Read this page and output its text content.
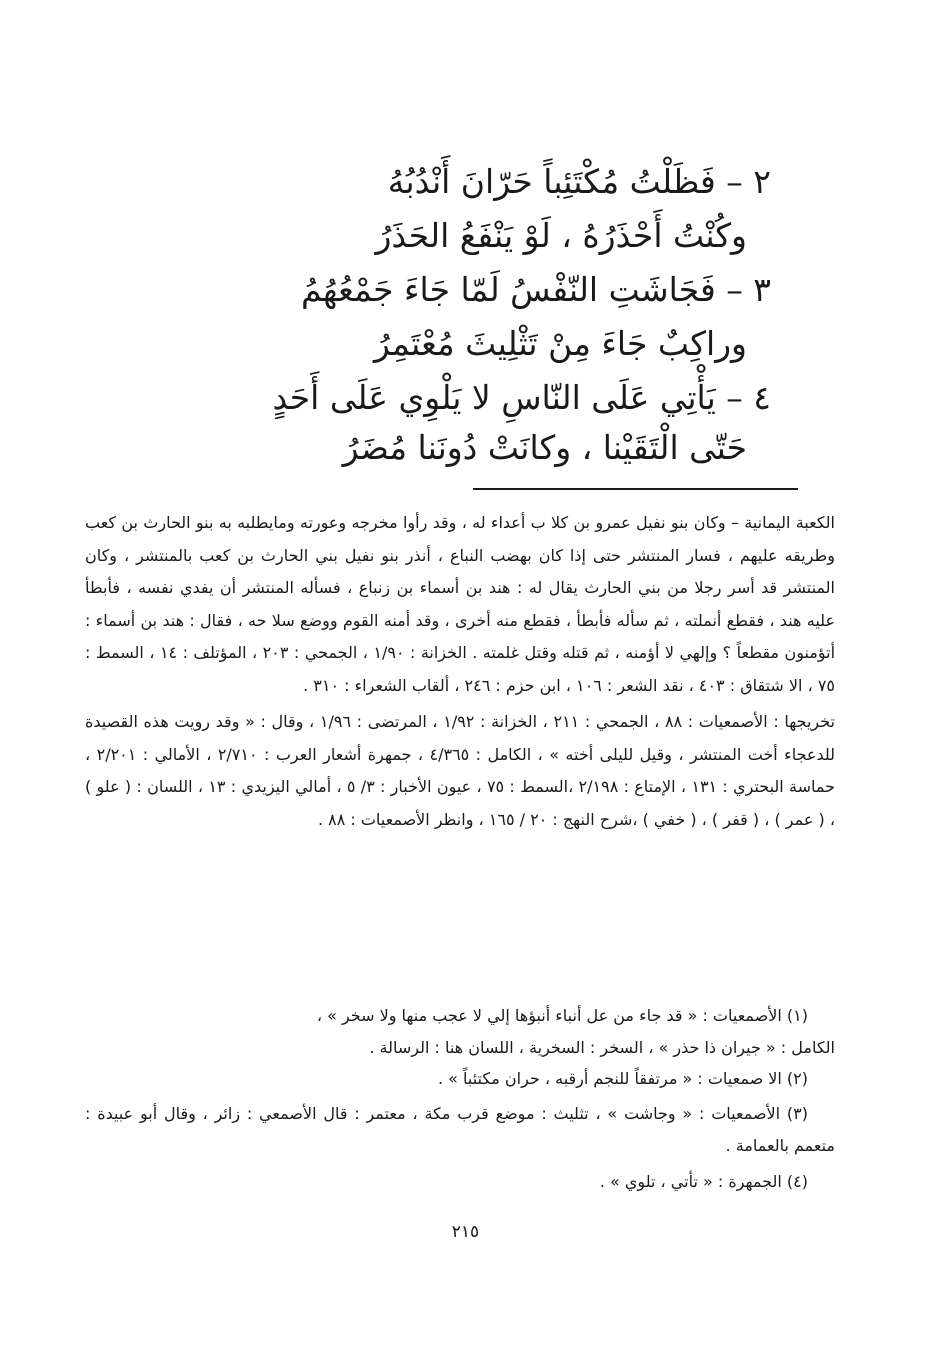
٢ – فَظَلْتُ مُكْتَئِباً حَرّانَ أَنْدُبُهُ
وكُنْتُ أَحْذَرُهُ ، لَوْ يَنْفَعُ الحَذَرُ
٣ – فَجَاشَتِ النّفْسُ لَمّا جَاءَ جَمْعُهُمُ
وراكِبٌ جَاءَ مِنْ تَثْلِيثَ مُعْتَمِرُ
٤ – يَأْتِي عَلَى النّاسِ لا يَلْوِي عَلَى أَحَدٍ
حَتّى الْتَقَيْنا ، وكانَتْ دُونَنا مُضَرُ

الكعبة اليمانية – وكان بنو نفيل عمرو بن كلا ب أعداء له ، وقد رأوا مخرجه وعورته ومايطلبه به بنو الحارث بن كعب وطريقه عليهم ، فسار المنتشر حتى إذا كان بهضب النباع ، أنذر بنو نفيل بني الحارث بن كعب بالمنتشر ، وكان المنتشر قد أسر رجلا من بني الحارث يقال له : هند بن أسماء بن زنباع ، فسأله المنتشر أن يفدي نفسه ، فأبطأ عليه هند ، فقطع أنملته ، ثم سأله فأبطأ ، فقطع منه أخرى ، وقد أمنه القوم ووضع سلا حه ، فقال : هند بن أسماء : أتؤمنون مقطعاً ؟ وإلهي لا أؤمنه ، ثم قتله وقتل غلمته . الخزانة : ١/٩٠ ، الجمحي : ٢٠٣ ، المؤتلف : ١٤ ، السمط : ٧٥ ، الا شتقاق : ٤٠٣ ، نقد الشعر : ١٠٦ ، ابن حزم : ٢٤٦ ، ألقاب الشعراء : ٣١٠ .

تخريجها : الأصمعيات : ٨٨ ، الجمحي : ٢١١ ، الخزانة : ١/٩٢ ، المرتضى : ١/٩٦ ، وقال : « وقد رويت هذه القصيدة للدعجاء أخت المنتشر ، وقيل لليلى أخته » ، الكامل : ٤/٣٦٥ ، جمهرة أشعار العرب : ٢/٧١٠ ، الأمالي : ٢/٢٠١ ، حماسة البحتري : ١٣١ ، الإمتاع : ٢/١٩٨ ،السمط : ٧٥ ، عيون الأخبار : ٣/ ٥ ، أمالي اليزيدي : ١٣ ، اللسان : ( علو ) ، ( عمر ) ، ( قفر ) ، ( خفي ) ،شرح النهج : ٢٠ / ١٦٥ ، وانظر الأصمعيات : ٨٨ .

(١) الأصمعيات : « قد جاء من عل أنباء أنبؤها إلي لا عجب منها ولا سخر » ،
الكامل : « جيران ذا حذر » ، السخر : السخرية ، اللسان هنا : الرسالة .

(٢) الا صمعيات : « مرتفقاً للنجم أرقبه ، حران مكتئباً » .

(٣) الأصمعيات : « وجاشت » ، تثليث : موضع قرب مكة ، معتمر : قال الأصمعي : زائر ، وقال أبو عبيدة : متعمم بالعمامة .

(٤) الجمهرة : « تأتي ، تلوي » .

٢١٥
